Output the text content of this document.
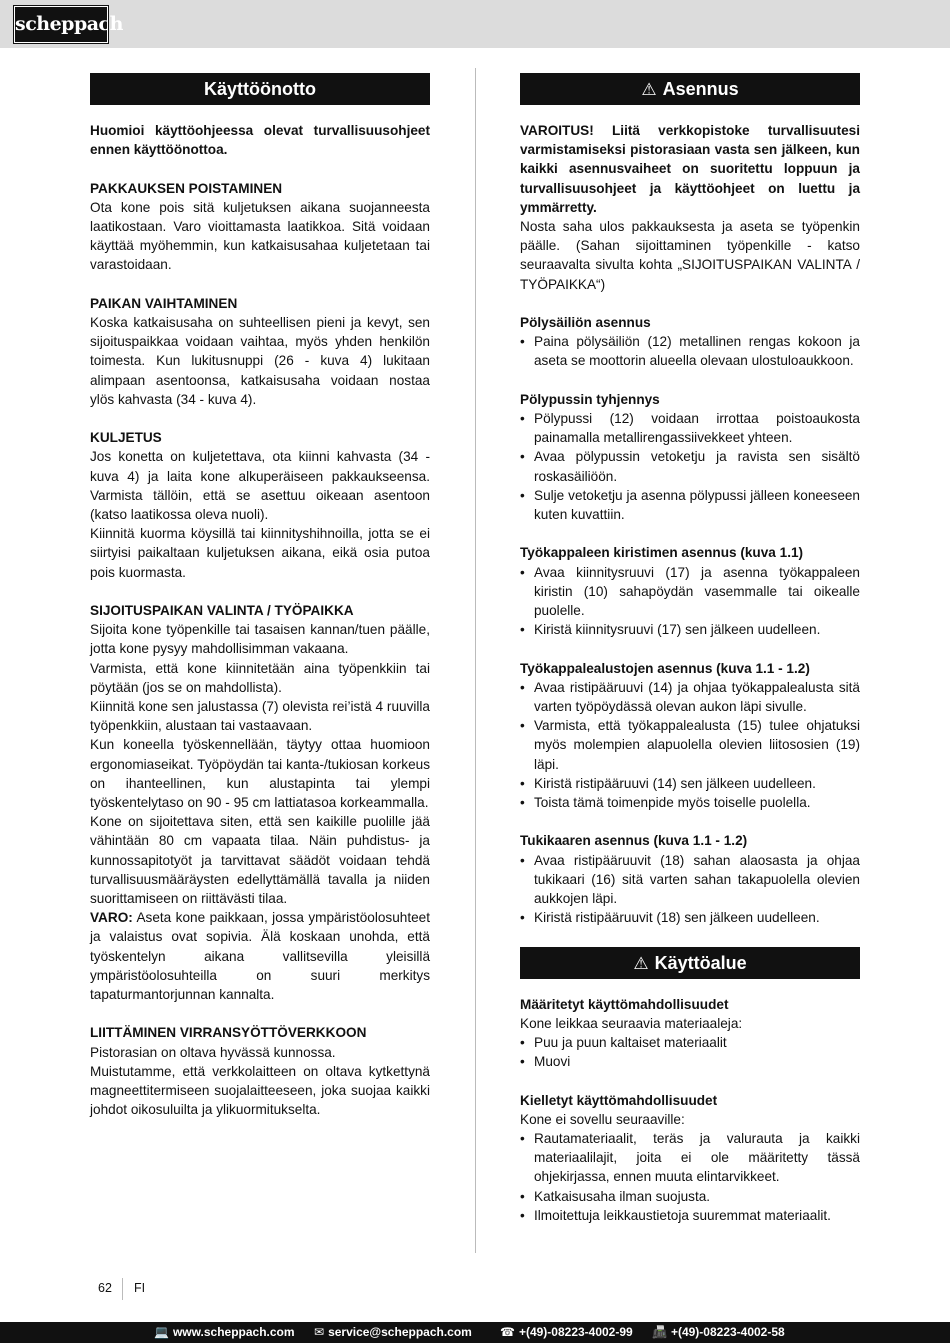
scheppach
Käyttöönotto

Huomioi käyttöohjeessa olevat turvallisuusohjeet ennen käyttöönottoa.

PAKKAUKSEN POISTAMINEN

Ota kone pois sitä kuljetuksen aikana suojanneesta laatikostaan. Varo vioittamasta laatikkoa. Sitä voidaan käyttää myöhemmin, kun katkaisusahaa kuljetetaan tai varastoidaan.

PAIKAN VAIHTAMINEN

Koska katkaisusaha on suhteellisen pieni ja kevyt, sen sijoituspaikkaa voidaan vaihtaa, myös yhden henkilön toimesta. Kun lukitusnuppi (26 - kuva 4) lukitaan alimpaan asentoonsa, katkaisusaha voidaan nostaa ylös kahvasta (34 - kuva 4).

KULJETUS

Jos konetta on kuljetettava, ota kiinni kahvasta (34 - kuva 4) ja laita kone alkuperäiseen pakkaukseensa. Varmista tällöin, että se asettuu oikeaan asentoon (katso laatikossa oleva nuoli).

Kiinnitä kuorma köysillä tai kiinnityshihnoilla, jotta se ei siirtyisi paikaltaan kuljetuksen aikana, eikä osia putoa pois kuormasta.

SIJOITUSPAIKAN VALINTA / TYÖPAIKKA

Sijoita kone työpenkille tai tasaisen kannan/tuen päälle, jotta kone pysyy mahdollisimman vakaana.

Varmista, että kone kiinnitetään aina työpenkkiin tai pöytään (jos se on mahdollista).

Kiinnitä kone sen jalustassa (7) olevista rei’istä 4 ruuvilla työpenkkiin, alustaan tai vastaavaan.

Kun koneella työskennellään, täytyy ottaa huomioon ergonomiaseikat. Työpöydän tai kanta-/tukiosan korkeus on ihanteellinen, kun alustapinta tai ylempi työskentelytaso on 90 - 95 cm lattiatasoa korkeammalla.

Kone on sijoitettava siten, että sen kaikille puolille jää vähintään 80 cm vapaata tilaa. Näin puhdistus- ja kunnossapitotyöt ja tarvittavat säädöt voidaan tehdä turvallisuusmääräysten edellyttämällä tavalla ja niiden suorittamiseen on riittävästi tilaa.

VARO: Aseta kone paikkaan, jossa ympäristöolosuhteet ja valaistus ovat sopivia. Älä koskaan unohda, että työskentelyn aikana vallitsevilla yleisillä ympäristöolosuhteilla on suuri merkitys tapaturmantorjunnan kannalta.

LIITTÄMINEN VIRRANSYÖTTÖVERKKOON

Pistorasian on oltava hyvässä kunnossa.

Muistutamme, että verkkolaitteen on oltava kytkettynä magneettitermiseen suojalaitteeseen, joka suojaa kaikki johdot oikosuluilta ja ylikuormitukselta.

⚠ Asennus

VAROITUS! Liitä verkkopistoke turvallisuutesi varmistamiseksi pistorasiaan vasta sen jälkeen, kun kaikki asennusvaiheet on suoritettu loppuun ja turvallisuusohjeet ja käyttöohjeet on luettu ja ymmärretty.

Nosta saha ulos pakkauksesta ja aseta se työpenkin päälle. (Sahan sijoittaminen työpenkille - katso seuraavalta sivulta kohta „SIJOITUSPAIKAN VALINTA / TYÖPAIKKA“)

Pölysäiliön asennus

• Paina pölysäiliön (12) metallinen rengas kokoon ja aseta se moottorin alueella olevaan ulostuloaukkoon.

Pölypussin tyhjennys

• Pölypussi (12) voidaan irrottaa poistoaukosta painamalla metallirengassiivekkeet yhteen.
• Avaa pölypussin vetoketju ja ravista sen sisältö roskasäiliöön.
• Sulje vetoketju ja asenna pölypussi jälleen koneeseen kuten kuvattiin.

Työkappaleen kiristimen asennus (kuva 1.1)

• Avaa kiinnitysruuvi (17) ja asenna työkappaleen kiristin (10) sahapöydän vasemmalle tai oikealle puolelle.
• Kiristä kiinnitysruuvi (17) sen jälkeen uudelleen.

Työkappalealustojen asennus (kuva 1.1 - 1.2)

• Avaa ristipääruuvi (14) ja ohjaa työkappalealusta sitä varten työpöydässä olevan aukon läpi sivulle.
• Varmista, että työkappalealusta (15) tulee ohjatuksi myös molempien alapuolella olevien liitososien (19) läpi.
• Kiristä ristipääruuvi (14) sen jälkeen uudelleen.
• Toista tämä toimenpide myös toiselle puolella.

Tukikaaren asennus (kuva 1.1 - 1.2)

• Avaa ristipääruuvit (18) sahan alaosasta ja ohjaa tukikaari (16) sitä varten sahan takapuolella olevien aukkojen läpi.
• Kiristä ristipääruuvit (18) sen jälkeen uudelleen.
⚠ Käyttöalue

Määritetyt käyttömahdollisuudet

Kone leikkaa seuraavia materiaaleja:

• Puu ja puun kaltaiset materiaalit
• Muovi

Kielletyt käyttömahdollisuudet

Kone ei sovellu seuraaville:

• Rautamateriaalit, teräs ja valurauta ja kaikki materiaalilajit, joita ei ole määritetty tässä ohjekirjassa, ennen muuta elintarvikkeet.
• Katkaisusaha ilman suojusta.
• Ilmoitettuja leikkaustietoja suuremmat materiaalit.
62 FI
💻 www.scheppach.com ✉ service@scheppach.com ☎ +(49)-08223-4002-99 📠 +(49)-08223-4002-58
